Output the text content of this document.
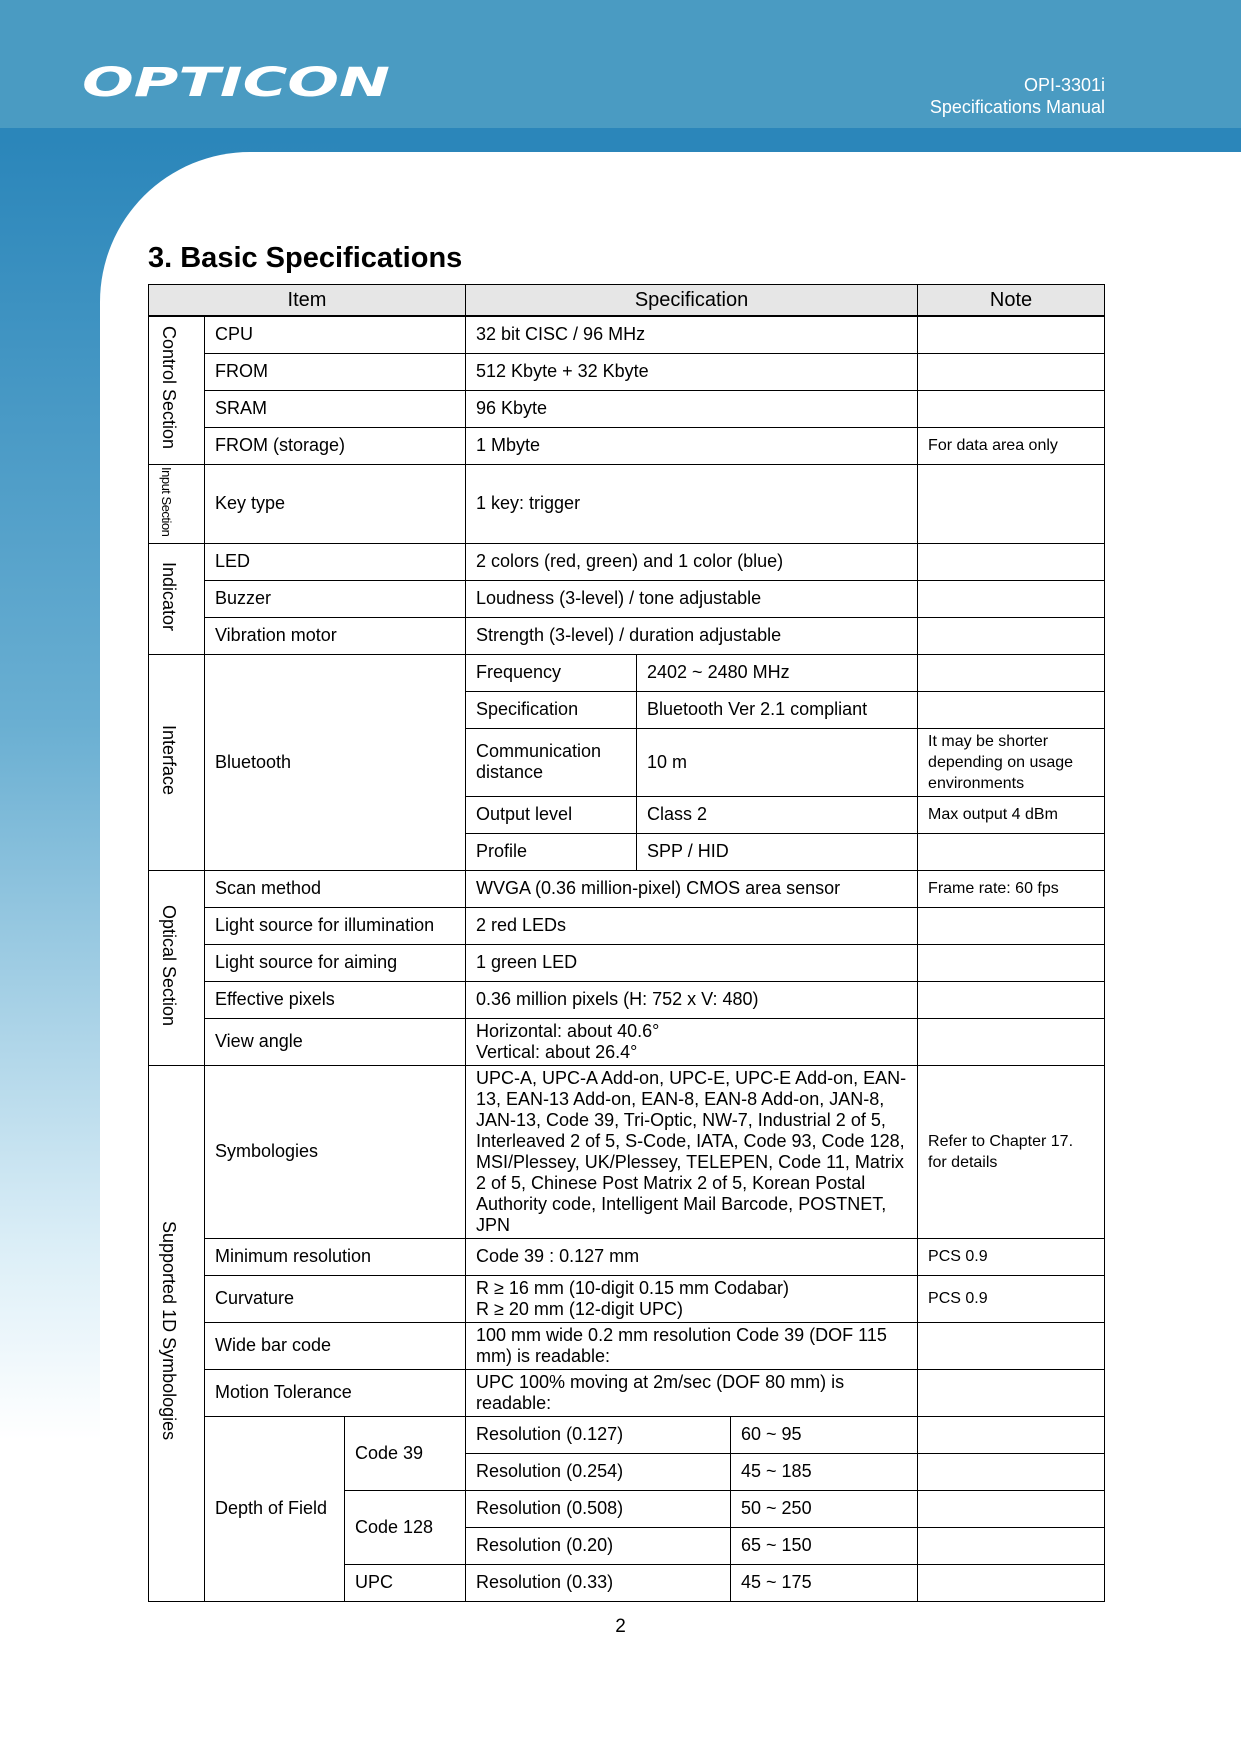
OPTICON	OPI-3301i
Specifications Manual
3. Basic Specifications
Item			Specification			Note

Control Section	CPU		32 bit CISC / 96 MHz			
	FROM		512 Kbyte + 32 Kbyte			
	SRAM		96 Kbyte			
	FROM (storage)		1 Mbyte			For data area only
Input Section	Key type		1 key: trigger			
Indicator	LED		2 colors (red, green) and 1 color (blue)			
	Buzzer		Loudness (3-level) / tone adjustable			
	Vibration motor		Strength (3-level) / duration adjustable			
Interface	Bluetooth		Frequency	2402 ~ 2480 MHz		
			Specification	Bluetooth Ver 2.1 compliant		
			Communication distance	10 m		It may be shorter depending on usage environments
			Output level	Class 2		Max output 4 dBm
			Profile	SPP / HID		
Optical Section	Scan method		WVGA (0.36 million-pixel) CMOS area sensor			Frame rate: 60 fps
	Light source for illumination		2 red LEDs			
	Light source for aiming		1 green LED			
	Effective pixels		0.36 million pixels (H: 752 x V: 480)			
	View angle		Horizontal: about 40.6°
Vertical: about 26.4°			

Supported 1D Symbologies	Symbologies		UPC-A, UPC-A Add-on, UPC-E, UPC-E Add-on, EAN-13, EAN-13 Add-on, EAN-8, EAN-8 Add-on, JAN-8, JAN-13, Code 39, Tri-Optic, NW-7, Industrial 2 of 5, Interleaved 2 of 5, S-Code, IATA, Code 93, Code 128, MSI/Plessey, UK/Plessey, TELEPEN, Code 11, Matrix 2 of 5, Chinese Post Matrix 2 of 5, Korean Postal Authority code, Intelligent Mail Barcode, POSTNET, JPN			Refer to Chapter 17. for details
	Minimum resolution		Code 39 : 0.127 mm			PCS 0.9
	Curvature		R ≥ 16 mm (10-digit 0.15 mm Codabar)
R ≥ 20 mm (12-digit UPC)			PCS 0.9
	Wide bar code		100 mm wide 0.2 mm resolution Code 39 (DOF 115 mm) is readable:			
	Motion Tolerance		UPC 100% moving at 2m/sec (DOF 80 mm) is readable:			
	Depth of Field	Code 39	Resolution (0.127)		60 ~ 95	
			Resolution (0.254)		45 ~ 185	
		Code 128	Resolution (0.508)		50 ~ 250	
			Resolution (0.20)		65 ~ 150	
		UPC	Resolution (0.33)		45 ~ 175	
2
